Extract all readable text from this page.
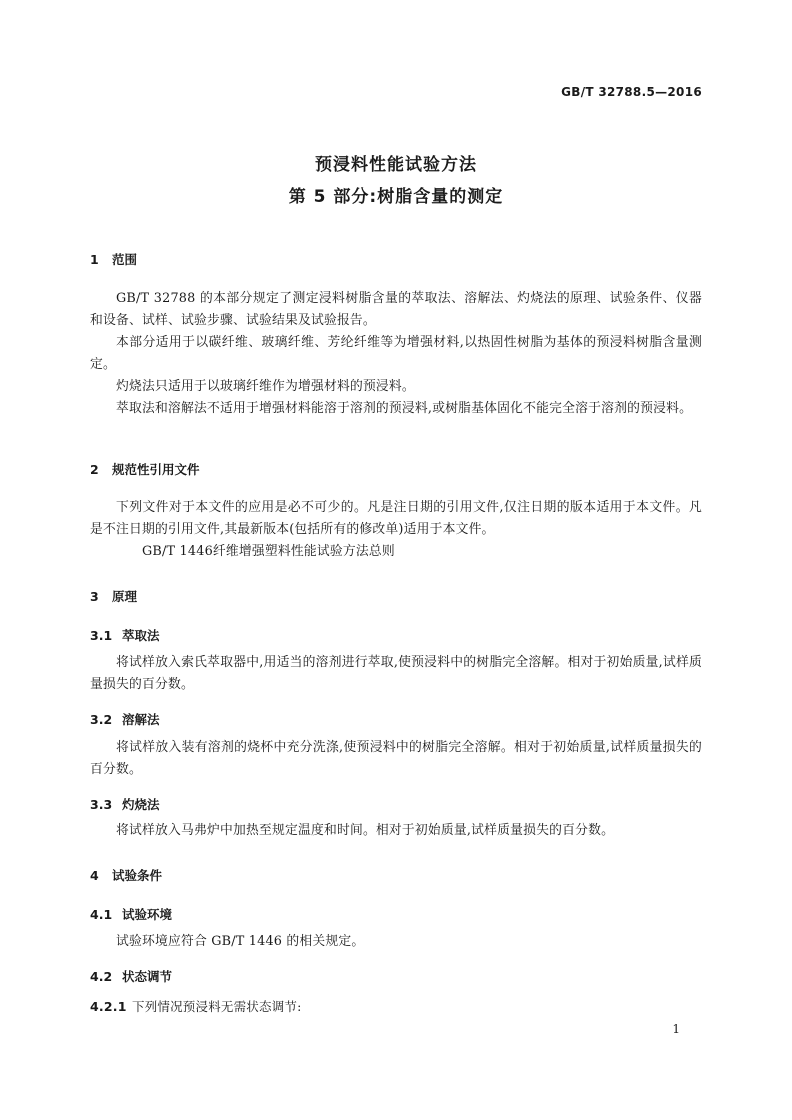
GB/T 32788.5—2016
预浸料性能试验方法
第 5 部分:树脂含量的测定
1 范围
GB/T 32788 的本部分规定了测定浸料树脂含量的萃取法、溶解法、灼烧法的原理、试验条件、仪器和设备、试样、试验步骤、试验结果及试验报告。
本部分适用于以碳纤维、玻璃纤维、芳纶纤维等为增强材料,以热固性树脂为基体的预浸料树脂含量测定。
灼烧法只适用于以玻璃纤维作为增强材料的预浸料。
萃取法和溶解法不适用于增强材料能溶于溶剂的预浸料,或树脂基体固化不能完全溶于溶剂的预浸料。
2 规范性引用文件
下列文件对于本文件的应用是必不可少的。凡是注日期的引用文件,仅注日期的版本适用于本文件。凡是不注日期的引用文件,其最新版本(包括所有的修改单)适用于本文件。
GB/T 1446纤维增强塑料性能试验方法总则
3 原理
3.1 萃取法
将试样放入索氏萃取器中,用适当的溶剂进行萃取,使预浸料中的树脂完全溶解。相对于初始质量,试样质量损失的百分数。
3.2 溶解法
将试样放入装有溶剂的烧杯中充分洗涤,使预浸料中的树脂完全溶解。相对于初始质量,试样质量损失的百分数。
3.3 灼烧法
将试样放入马弗炉中加热至规定温度和时间。相对于初始质量,试样质量损失的百分数。
4 试验条件
4.1 试验环境
试验环境应符合 GB/T 1446 的相关规定。
4.2 状态调节
4.2.1 下列情况预浸料无需状态调节:
1
